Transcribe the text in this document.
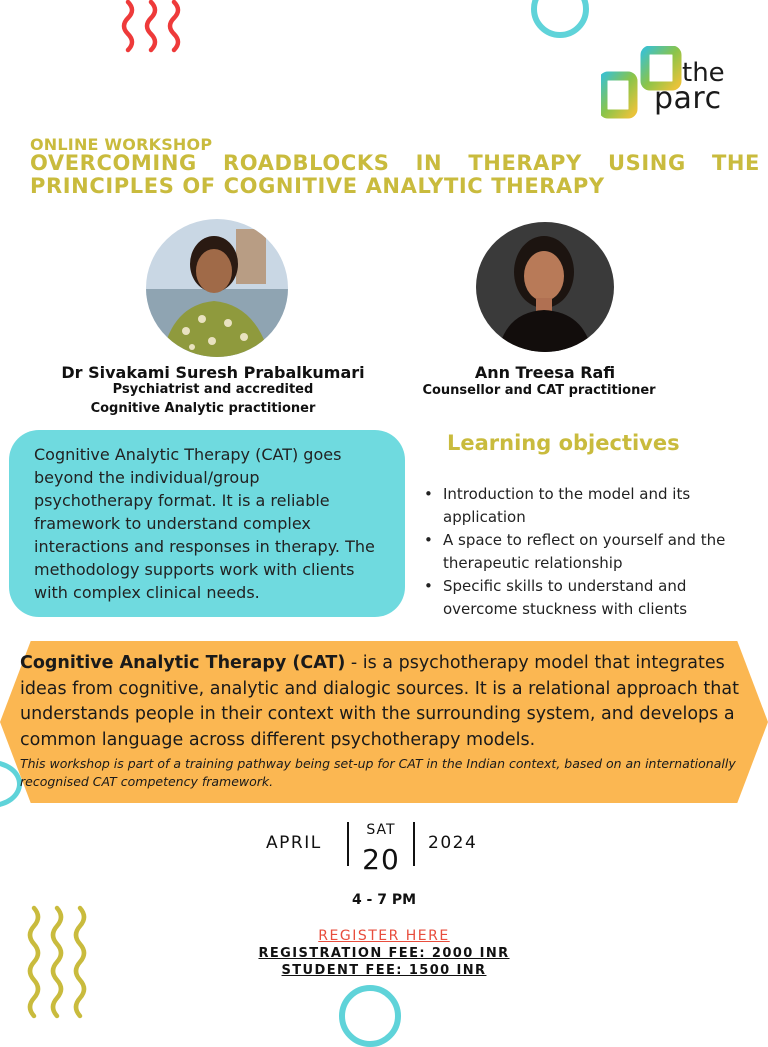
the
parc
ONLINE WORKSHOP
OVERCOMING ROADBLOCKS IN THERAPY USING THE PRINCIPLES OF COGNITIVE ANALYTIC THERAPY
Dr Sivakami Suresh Prabalkumari
Psychiatrist and accredited
Cognitive Analytic practitioner
Ann Treesa Rafi
Counsellor and CAT practitioner
Cognitive Analytic Therapy (CAT) goes beyond the individual/group psychotherapy format. It is a reliable framework to understand complex interactions and responses in therapy. The methodology supports work with clients with complex clinical needs.
Learning objectives
• Introduction to the model and its application
• A space to reflect on yourself and the therapeutic relationship
• Specific skills to understand and overcome stuckness with clients
Cognitive Analytic Therapy (CAT) - is a psychotherapy model that integrates ideas from cognitive, analytic and dialogic sources. It is a relational approach that understands people in their context with the surrounding system, and develops a common language across different psychotherapy models.
This workshop is part of a training pathway being set-up for CAT in the Indian context, based on an internationally recognised CAT competency framework.
APRIL
SAT
20	2024
4 - 7 PM
REGISTER HERE
REGISTRATION FEE: 2000 INR
STUDENT FEE: 1500 INR
